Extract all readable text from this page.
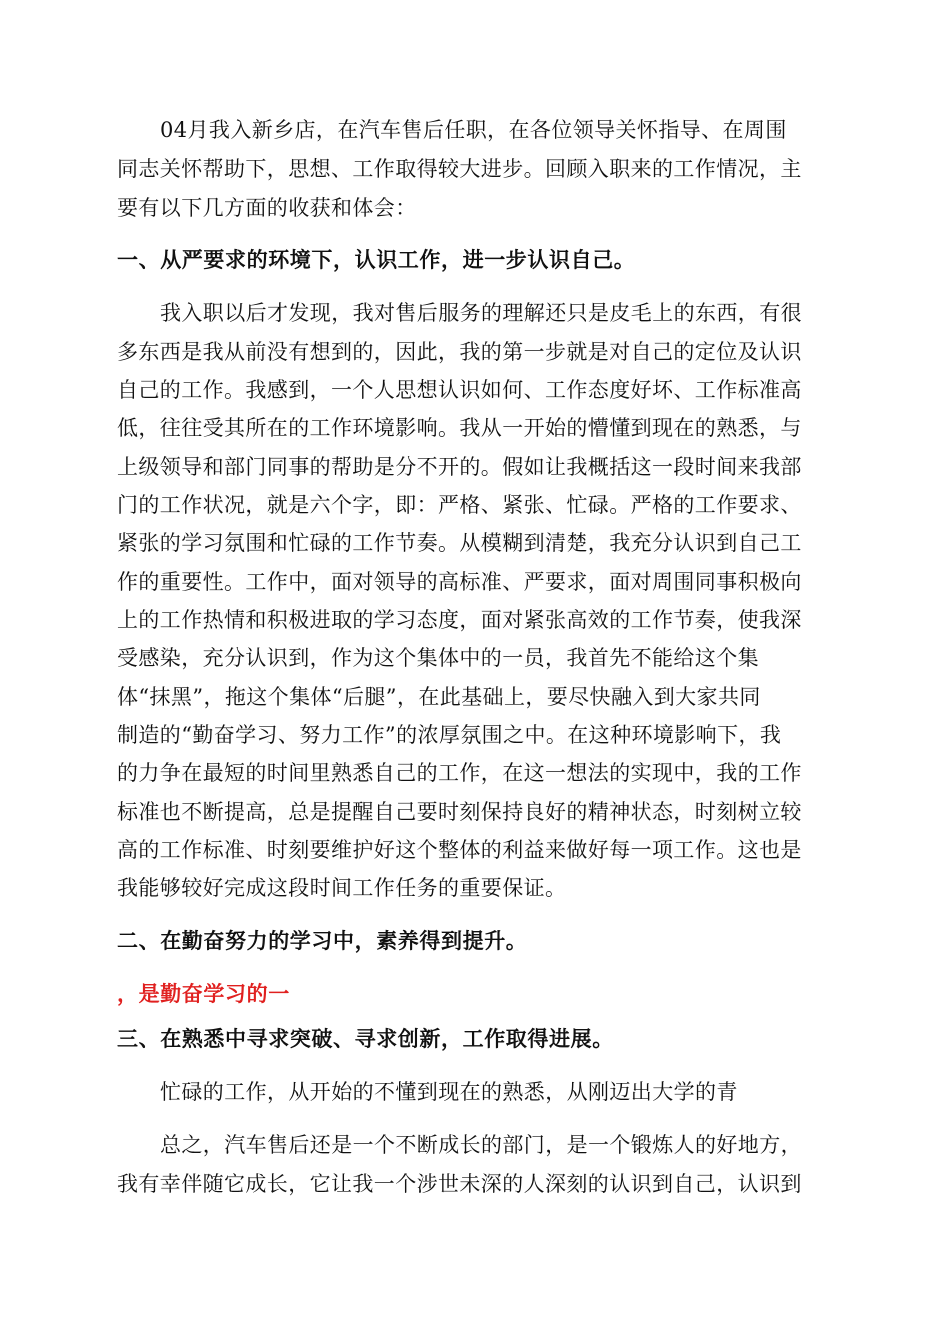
04月我入新乡店，在汽车售后任职，在各位领导关怀指导、在周围
同志关怀帮助下，思想、工作取得较大进步。回顾入职来的工作情况，主
要有以下几方面的收获和体会：
一、从严要求的环境下，认识工作，进一步认识自己。
我入职以后才发现，我对售后服务的理解还只是皮毛上的东西，有很
多东西是我从前没有想到的，因此，我的第一步就是对自己的定位及认识
自己的工作。我感到，一个人思想认识如何、工作态度好坏、工作标准高
低，往往受其所在的工作环境影响。我从一开始的懵懂到现在的熟悉，与
上级领导和部门同事的帮助是分不开的。假如让我概括这一段时间来我部
门的工作状况，就是六个字，即：严格、紧张、忙碌。严格的工作要求、
紧张的学习氛围和忙碌的工作节奏。从模糊到清楚，我充分认识到自己工
作的重要性。工作中，面对领导的高标准、严要求，面对周围同事积极向
上的工作热情和积极进取的学习态度，面对紧张高效的工作节奏，使我深
受感染，充分认识到，作为这个集体中的一员，我首先不能给这个集
体“抹黑”，拖这个集体“后腿”，在此基础上，要尽快融入到大家共同
制造的“勤奋学习、努力工作”的浓厚氛围之中。在这种环境影响下，我
的力争在最短的时间里熟悉自己的工作，在这一想法的实现中，我的工作
标准也不断提高，总是提醒自己要时刻保持良好的精神状态，时刻树立较
高的工作标准、时刻要维护好这个整体的利益来做好每一项工作。这也是
我能够较好完成这段时间工作任务的重要保证。
二、在勤奋努力的学习中，素养得到提升。
，是勤奋学习的一
三、在熟悉中寻求突破、寻求创新，工作取得进展。
忙碌的工作，从开始的不懂到现在的熟悉，从刚迈出大学的青
总之，汽车售后还是一个不断成长的部门，是一个锻炼人的好地方，
我有幸伴随它成长，它让我一个涉世未深的人深刻的认识到自己，认识到
